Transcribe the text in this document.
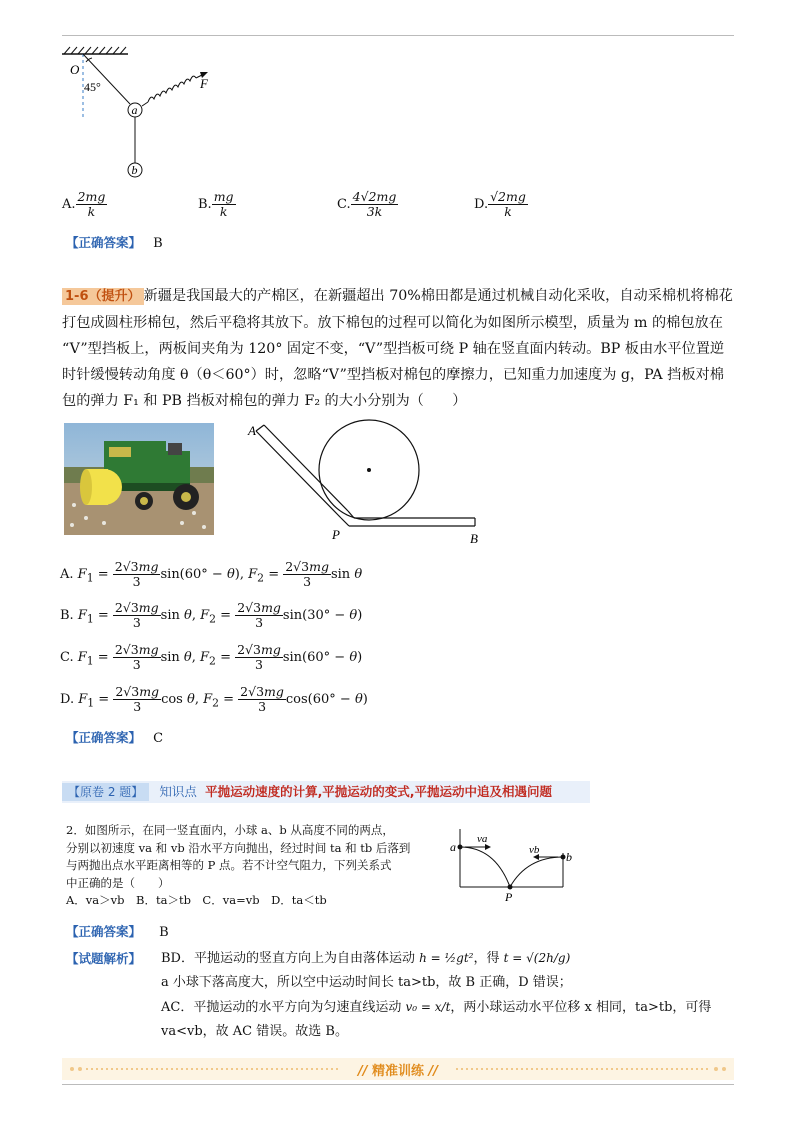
O
45°	F
a
b
A. $\frac{2mg}{k}$	B. $\frac{mg}{k}$	C. $\frac{4√2mg}{3k}$	D. $\frac{√2mg}{k}$
【正确答案】 B
1-6（提升） 新疆是我国最大的产棉区，在新疆超出 70%棉田都是通过机械自动化采收，自动采棉机将棉花
打包成圆柱形棉包，然后平稳将其放下。放下棉包的过程可以简化为如图所示模型，质量为 m 的棉包放在
“V”型挡板上，两板间夹角为 120° 固定不变，“V”型挡板可绕 P 轴在竖直面内转动。BP 板由水平位置逆
时针缓慢转动角度 θ（θ＜60°）时，忽略“V”型挡板对棉包的摩擦力，已知重力加速度为 g，PA 挡板对棉
包的弹力 F₁ 和 PB 挡板对棉包的弹力 F₂ 的大小分别为（　　）
A
P	B
A. $F_1 = \frac{2√3mg}{3} \sin(60^\circ - \theta)$, $F_2 = \frac{2√3mg}{3}$ sin θ
B. $F_1 = \frac{2√3mg}{3}$ sin θ, $F_2 = \frac{2√3mg}{3} \sin(30^\circ - \theta)$
C. $F_1 = \frac{2√3mg}{3}$ sin θ, $F_2 = \frac{2√3mg}{3} \sin(60^\circ - \theta)$
D. $F_1 = \frac{2√3mg}{3}$ cos θ, $F_2 = \frac{2√3mg}{3} \cos(60^\circ - \theta)$
【正确答案】 C
【原卷 2 题】 知识点 平抛运动速度的计算,平抛运动的变式,平抛运动中追及相遇问题
2．如图所示，在同一竖直面内，小球 a、b 从高度不同的两点，
分别以初速度 va 和 vb 沿水平方向抛出，经过时间 ta 和 tb 后落到
与两抛出点水平距离相等的 P 点。若不计空气阻力，下列关系式
中正确的是（　　）
A．va＞vb　B．ta＞tb　C．va=vb　D．ta＜tb
a
va
vb b
P
【正确答案】 B
【试题解析】 BD．平抛运动的竖直方向上为自由落体运动 h = ½gt²，得 t = √(2h/g)
a 小球下落高度大，所以空中运动时间长 ta>tb，故 B 正确，D 错误；
AC．平抛运动的水平方向为匀速直线运动 v₀ = x/t，两小球运动水平位移 x 相同，ta>tb，可得
va<vb，故 AC 错误。故选 B。
// 精准训练 //
